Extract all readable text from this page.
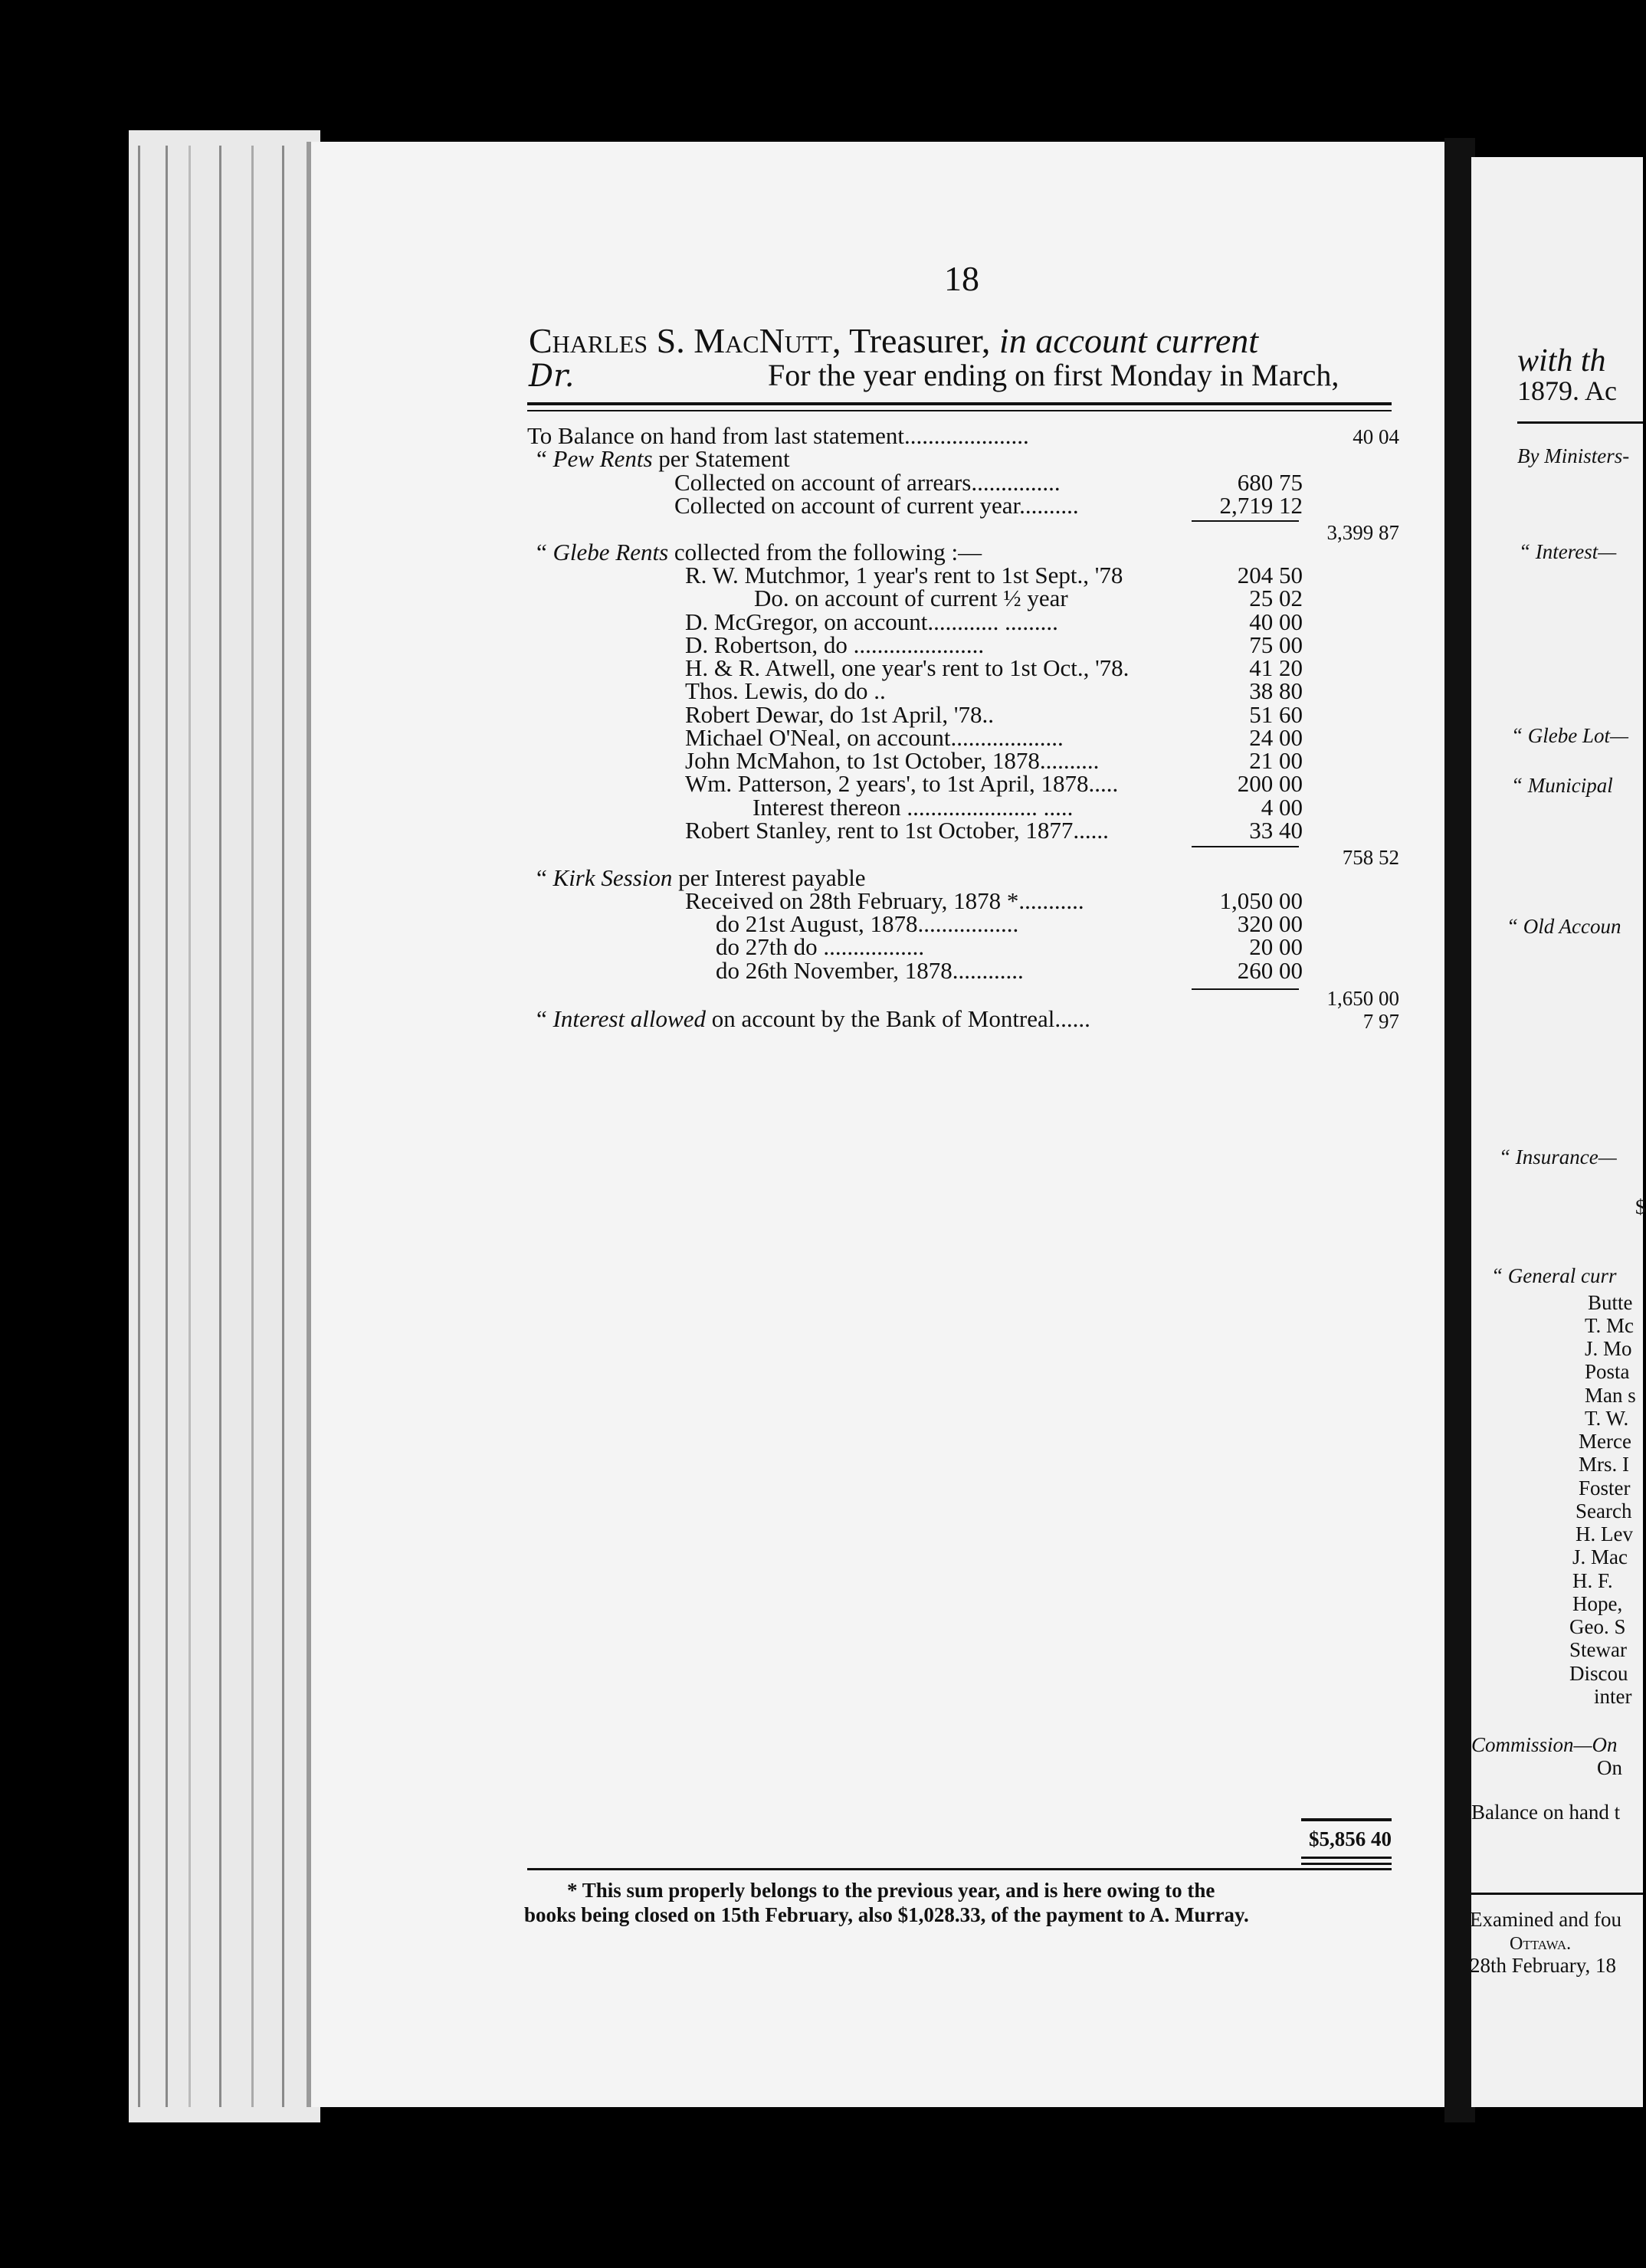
18
Charles S. MacNutt, Treasurer, in account current
Dr.	For the year ending on first Monday in March,
To Balance on hand from last statement.....................	40 04
“ Pew Rents per Statement
Collected on account of arrears...............	680 75
Collected on account of current year..........	2,719 12
3,399 87
“ Glebe Rents collected from the following :—
R. W. Mutchmor, 1 year's rent to 1st Sept., '78	204 50
Do. on account of current ½ year	25 02
D. McGregor, on account............ .........	40 00
D. Robertson, do ......................	75 00
H. & R. Atwell, one year's rent to 1st Oct., '78.	41 20
Thos. Lewis, do do ..	38 80
Robert Dewar, do 1st April, '78..	51 60
Michael O'Neal, on account...................	24 00
John McMahon, to 1st October, 1878..........	21 00
Wm. Patterson, 2 years', to 1st April, 1878.....	200 00
Interest thereon ...................... .....	4 00
Robert Stanley, rent to 1st October, 1877......	33 40
758 52
“ Kirk Session per Interest payable
Received on 28th February, 1878 *...........	1,050 00
do 21st August, 1878.................	320 00
do 27th do .................	20 00
do 26th November, 1878............	260 00
1,650 00
“ Interest allowed on account by the Bank of Montreal......	7 97
$5,856 40
* This sum properly belongs to the previous year, and is here owing to the
books being closed on 15th February, also $1,028.33, of the payment to A. Murray.
with th
1879. Ac
By Ministers-
“ Interest—
“ Glebe Lot—
“ Municipal
“ Old Accoun
“ Insurance—
$
“ General curr
Butte
T. Mc
J. Mo
Posta
Man s
T. W.
Merce
Mrs. I
Foster
Search
H. Lev
J. Mac
H. F.
Hope,
Geo. S
Stewar
Discou
inter
Commission—On
On
Balance on hand t
Examined and fou
Ottawa.
28th February, 18
